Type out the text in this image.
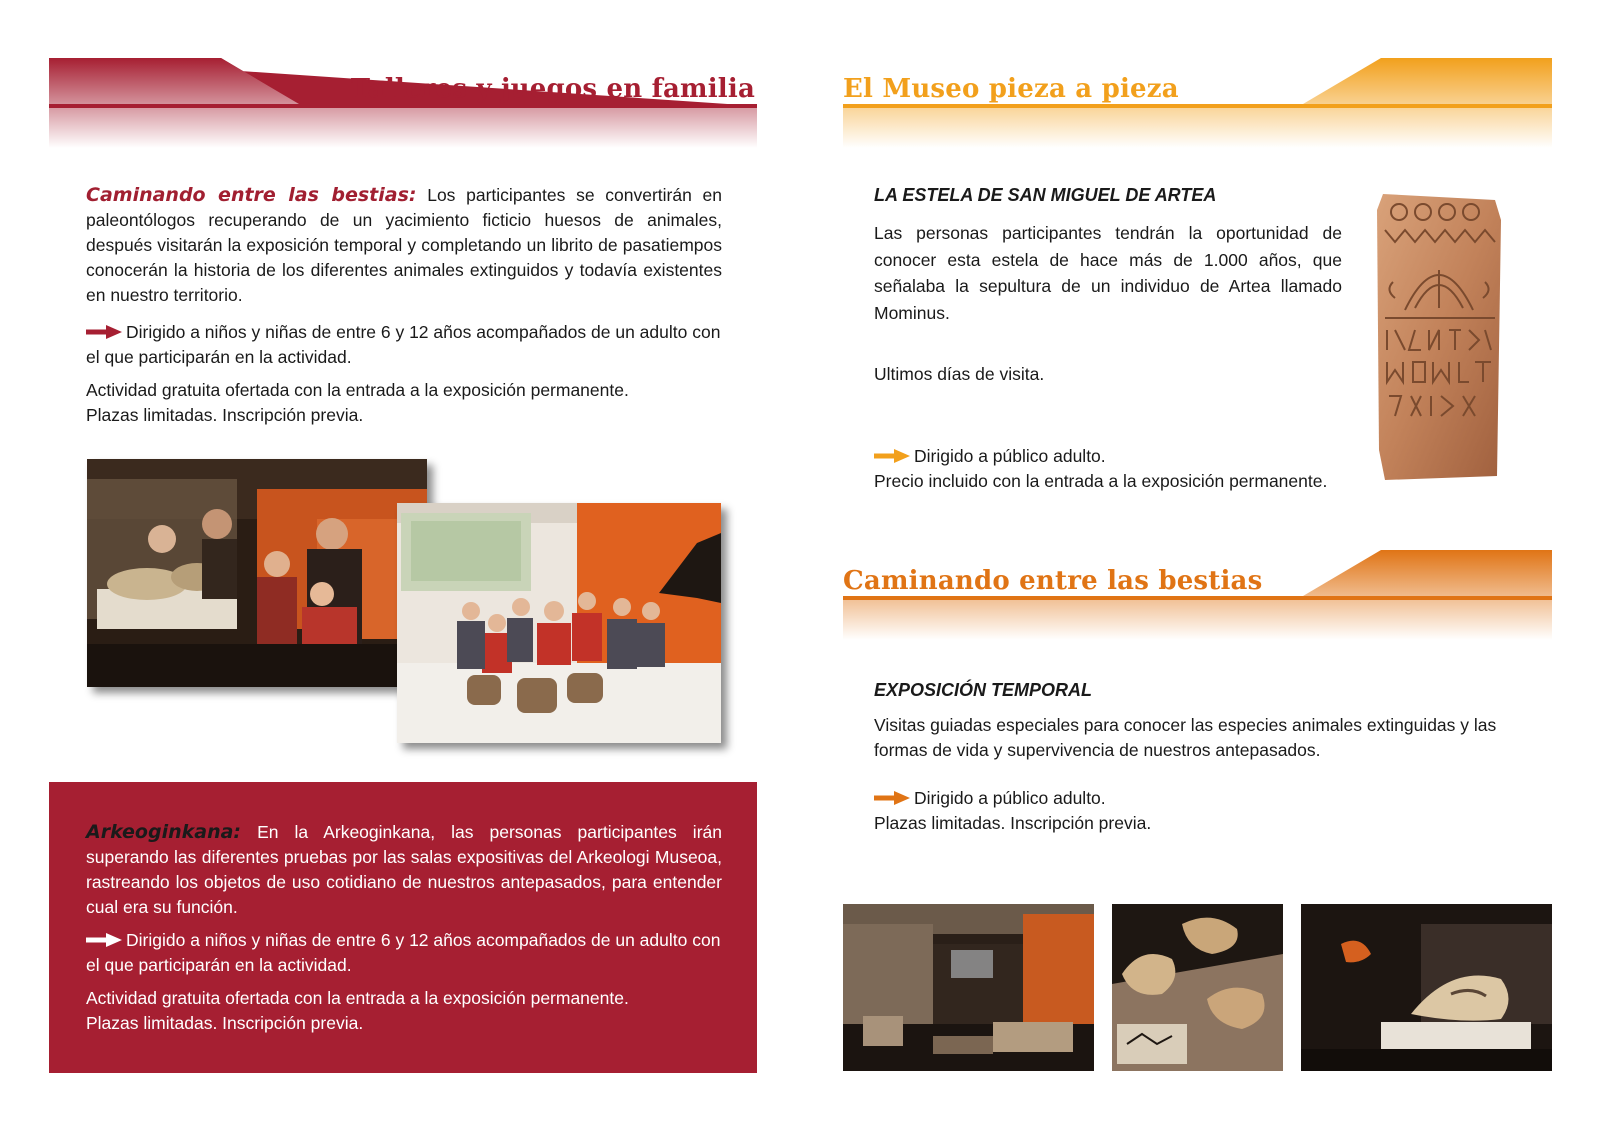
Talleres y juegos en familia

Caminando entre las bestias: Los participantes se convertirán en paleontólogos recuperando de un yacimiento ficticio huesos de animales, después visitarán la exposición temporal y completando un librito de pasatiempos conocerán la historia de los diferentes animales extinguidos y todavía existentes en nuestro territorio.

Dirigido a niños y niñas de entre 6 y 12 años acompañados de un adulto con el que participarán en la actividad.

Actividad gratuita ofertada con la entrada a la exposición permanente.

Plazas limitadas. Inscripción previa.

Arkeoginkana: En la Arkeoginkana, las personas participantes irán superando las diferentes pruebas por las salas expositivas del Arkeologi Museoa, rastreando los objetos de uso cotidiano de nuestros antepasados, para entender cual era su función.

Dirigido a niños y niñas de entre 6 y 12 años acompañados de un adulto con el que participarán en la actividad.

Actividad gratuita ofertada con la entrada a la exposición permanente.

Plazas limitadas. Inscripción previa.

El Museo pieza a pieza
LA ESTELA DE SAN MIGUEL DE ARTEA
Las personas participantes tendrán la oportunidad de conocer esta estela de hace más de 1.000 años, que señalaba la sepultura de un individuo de Artea llamado Mominus.
Ultimos días de visita.

Dirigido a público adulto.

Precio incluido con la entrada a la exposición permanente.

Caminando entre las bestias
EXPOSICIÓN TEMPORAL
Visitas guiadas especiales para conocer las especies animales extinguidas y las formas de vida y supervivencia de nuestros antepasados.

Dirigido a público adulto.

Plazas limitadas. Inscripción previa.
